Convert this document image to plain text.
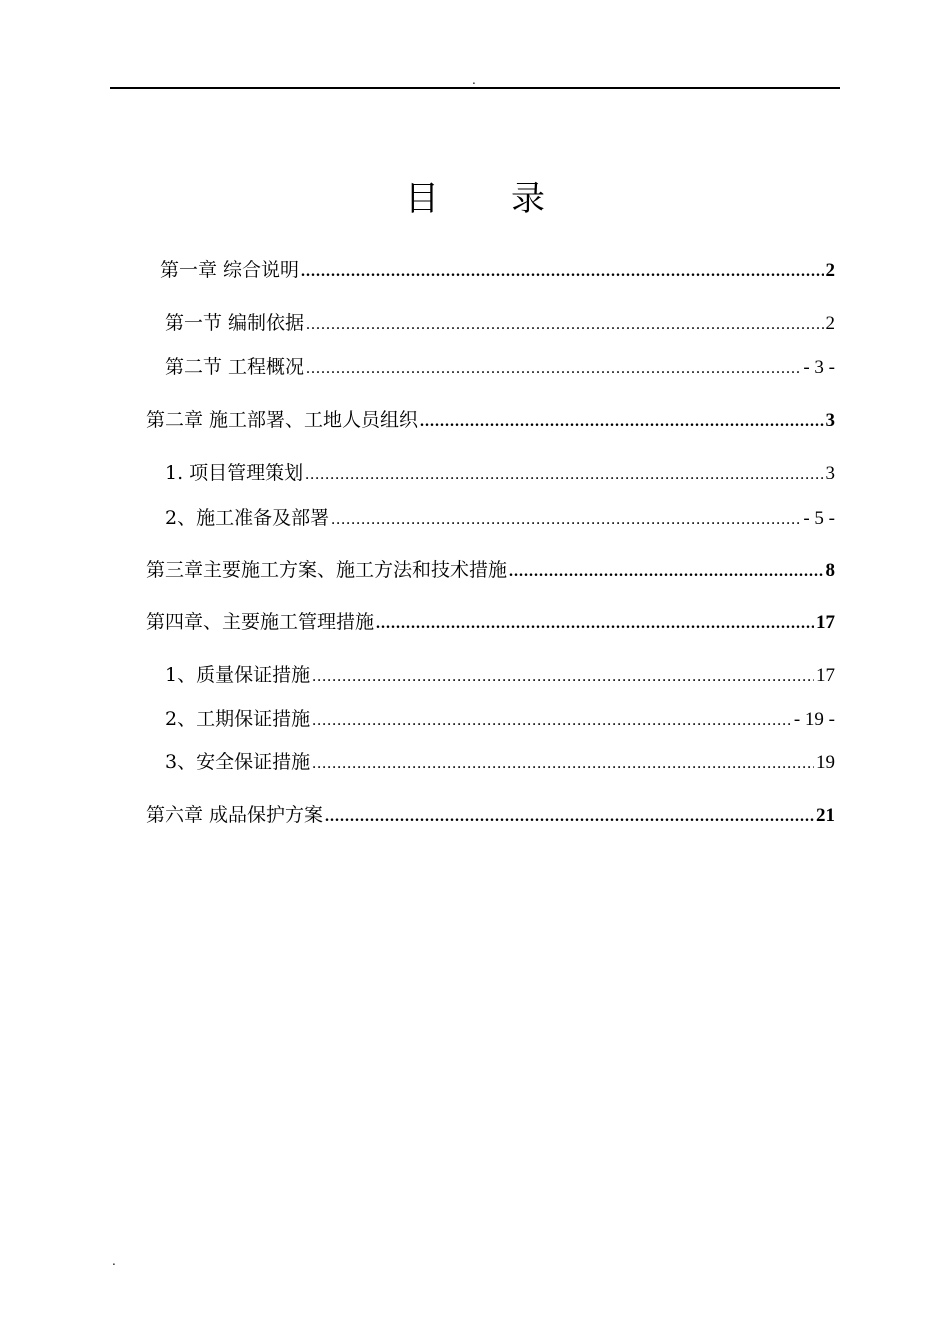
.
目录
第一章 综合说明 .....	2
第一节 编制依据 .....	2
第二节 工程概况 .....	- 3 -
第二章 施工部署、工地人员组织 .....	3
1. 项目管理策划 .....	3
2、施工准备及部署 .....	- 5 -
第三章主要施工方案、施工方法和技术措施 .....	8
第四章、主要施工管理措施 .....	17
1、质量保证措施 .....	17
2、工期保证措施 .....	- 19 -
3、安全保证措施 .....	19
第六章 成品保护方案 .....	21
.
